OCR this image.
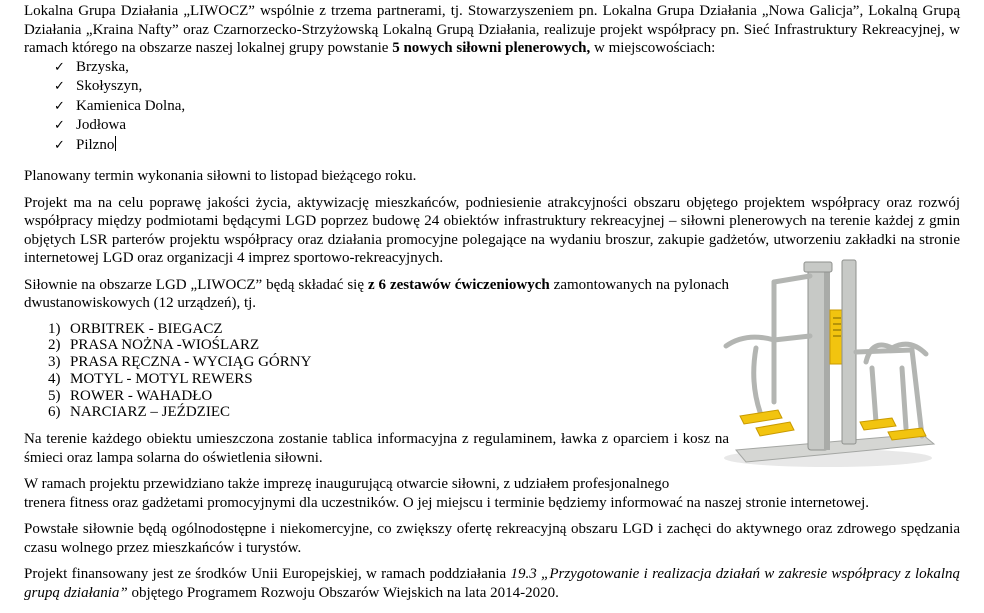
Lokalna Grupa Działania „LIWOCZ” wspólnie z trzema partnerami, tj. Stowarzyszeniem pn. Lokalna Grupa Działania „Nowa Galicja”, Lokalną Grupą Działania „Kraina Nafty” oraz Czarnorzecko-Strzyżowską Lokalną Grupą Działania, realizuje projekt współpracy pn. Sieć Infrastruktury Rekreacyjnej, w ramach którego na obszarze naszej lokalnej grupy powstanie 5 nowych siłowni plenerowych, w miejscowościach:

✓ Brzyska,
✓ Skołyszyn,
✓ Kamienica Dolna,
✓ Jodłowa
✓ Pilzno

Planowany termin wykonania siłowni to listopad bieżącego roku.

Projekt ma na celu poprawę jakości życia, aktywizację mieszkańców, podniesienie atrakcyjności obszaru objętego projektem współpracy oraz rozwój współpracy między podmiotami będącymi LGD poprzez budowę 24 obiektów infrastruktury rekreacyjnej – siłowni plenerowych na terenie każdej z gmin objętych LSR parterów projektu współpracy oraz działania promocyjne polegające na wydaniu broszur, zakupie gadżetów, utworzeniu zakładki na stronie internetowej LGD oraz organizacji 4 imprez sportowo-rekreacyjnych.

Siłownie na obszarze LGD „LIWOCZ” będą składać się z 6 zestawów ćwiczeniowych zamontowanych na pylonach dwustanowiskowych (12 urządzeń), tj.

1) ORBITREK - BIEGACZ
2) PRASA NOŻNA -WIOŚLARZ
3) PRASA RĘCZNA - WYCIĄG GÓRNY
4) MOTYL - MOTYL REWERS
5) ROWER - WAHADŁO
6) NARCIARZ – JEŹDZIEC

Na terenie każdego obiektu umieszczona zostanie tablica informacyjna z regulaminem, ławka z oparciem i kosz na śmieci oraz lampa solarna do oświetlenia siłowni.

W ramach projektu przewidziano także imprezę inaugurującą otwarcie siłowni, z udziałem profesjonalnego

trenera fitness oraz gadżetami promocyjnymi dla uczestników. O jej miejscu i terminie będziemy informować na naszej stronie internetowej.

Powstałe siłownie będą ogólnodostępne i niekomercyjne, co zwiększy ofertę rekreacyjną obszaru LGD i zachęci do aktywnego oraz zdrowego spędzania czasu wolnego przez mieszkańców i turystów.

Projekt finansowany jest ze środków Unii Europejskiej, w ramach poddziałania 19.3 „Przygotowanie i realizacja działań w zakresie współpracy z lokalną grupą działania” objętego Programem Rozwoju Obszarów Wiejskich na lata 2014-2020.
